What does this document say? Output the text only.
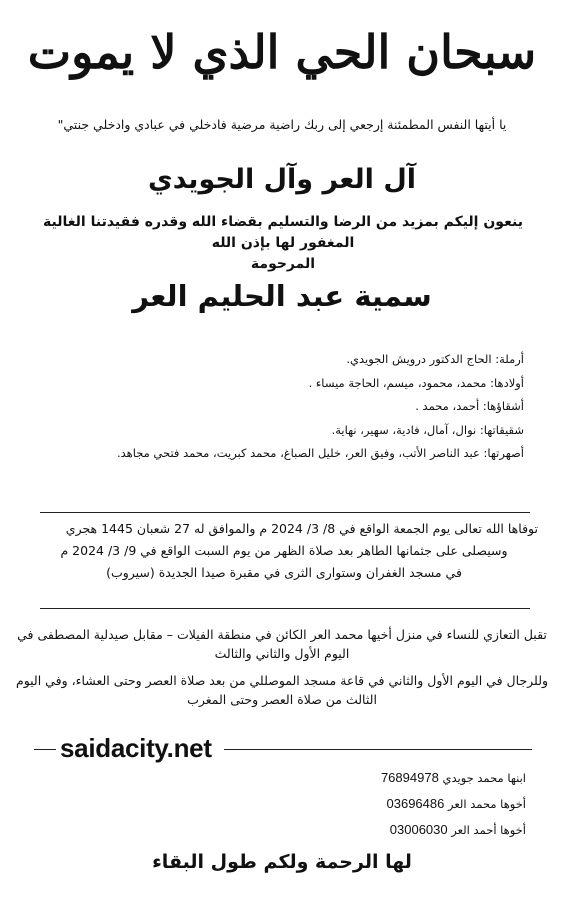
سبحان الحي الذي لا يموت
يا أيتها النفس المطمئنة إرجعي إلى ربك راضية مرضية فادخلي في عبادي وادخلي جنتي"
آل العر وآل الجويدي
ينعون إليكم بمزيد من الرضا والتسليم بقضاء الله وقدره فقيدتنا الغالية المغفور لها بإذن الله
المرحومة
سمية عبد الحليم العر
أرملة: الحاج الدكتور درويش الجويدي.
أولادها: محمد، محمود، ميسم، الحاجة ميساء .
أشقاؤها: أحمد، محمد .
شقيقاتها: نوال، آمال، فادية، سهير، نهاية.
أصهرتها: عبد الناصر الأتب، وفيق العر، خليل الصباغ، محمد كبريت، محمد فتحي مجاهد.
توفاها الله تعالى يوم الجمعة الواقع في 8/ 3/ 2024 م والموافق له 27 شعبان 1445 هجري
وسيصلى على جثمانها الطاهر بعد صلاة الظهر من يوم السبت الواقع في 9/ 3/ 2024 م
في مسجد الغفران وستوارى الثرى في مقبرة صيدا الجديدة (سيروب)
تقبل التعازي للنساء في منزل أخيها محمد العر الكائن في منطقة الفيلات – مقابل صيدلية المصطفى في اليوم الأول والثاني والثالث
وللرجال في اليوم الأول والثاني في قاعة مسجد الموصللي من بعد صلاة العصر وحتى العشاء، وفي اليوم الثالث من صلاة العصر وحتى المغرب
saidacity.net
ابنها محمد جويدي 76894978
أخوها محمد العر 03696486
أخوها أحمد العر 03006030
لها الرحمة ولكم طول البقاء
